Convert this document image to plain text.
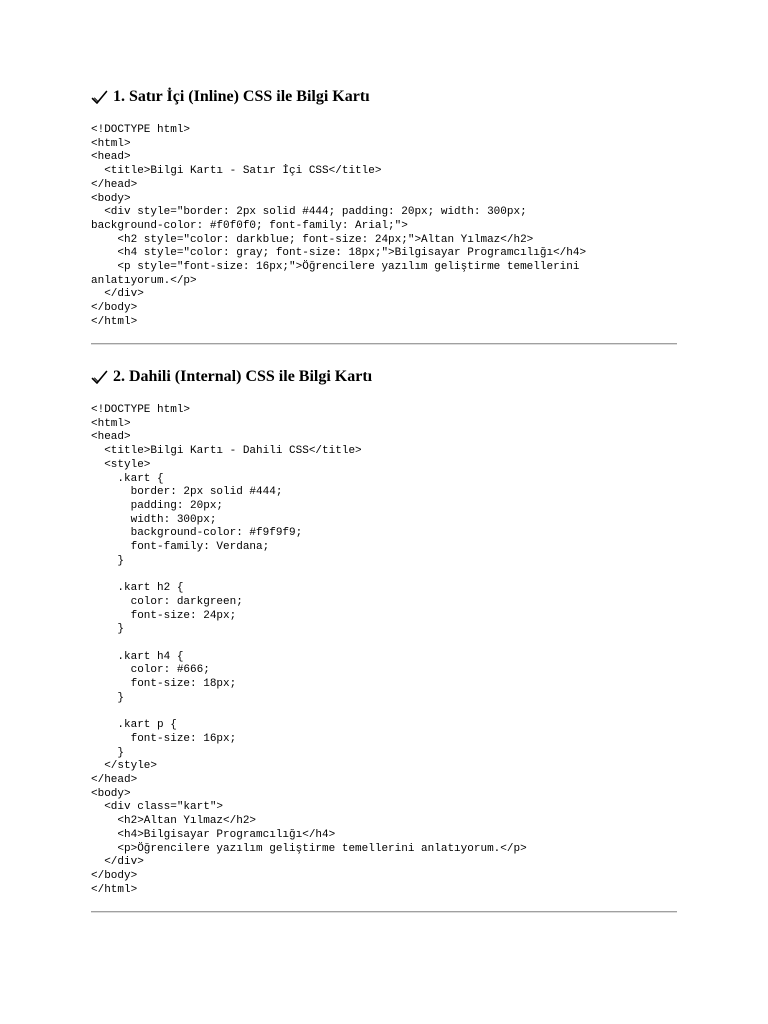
1. Satır İçi (Inline) CSS ile Bilgi Kartı
<!DOCTYPE html>
<html>
<head>
<title>Bilgi Kartı - Satır İçi CSS</title>
</head>
<body>
<div style="border: 2px solid #444; padding: 20px; width: 300px;
background-color: #f0f0f0; font-family: Arial;">
<h2 style="color: darkblue; font-size: 24px;">Altan Yılmaz</h2>
<h4 style="color: gray; font-size: 18px;">Bilgisayar Programcılığı</h4>
<p style="font-size: 16px;">Öğrencilere yazılım geliştirme temellerini
anlatıyorum.</p>
</div>
</body>
</html>
2. Dahili (Internal) CSS ile Bilgi Kartı
<!DOCTYPE html>
<html>
<head>
<title>Bilgi Kartı - Dahili CSS</title>
<style>
.kart {
border: 2px solid #444;
padding: 20px;
width: 300px;
background-color: #f9f9f9;
font-family: Verdana;
}

.kart h2 {
color: darkgreen;
font-size: 24px;
}

.kart h4 {
color: #666;
font-size: 18px;
}

.kart p {
font-size: 16px;
}
</style>
</head>
<body>
<div class="kart">
<h2>Altan Yılmaz</h2>
<h4>Bilgisayar Programcılığı</h4>
<p>Öğrencilere yazılım geliştirme temellerini anlatıyorum.</p>
</div>
</body>
</html>
